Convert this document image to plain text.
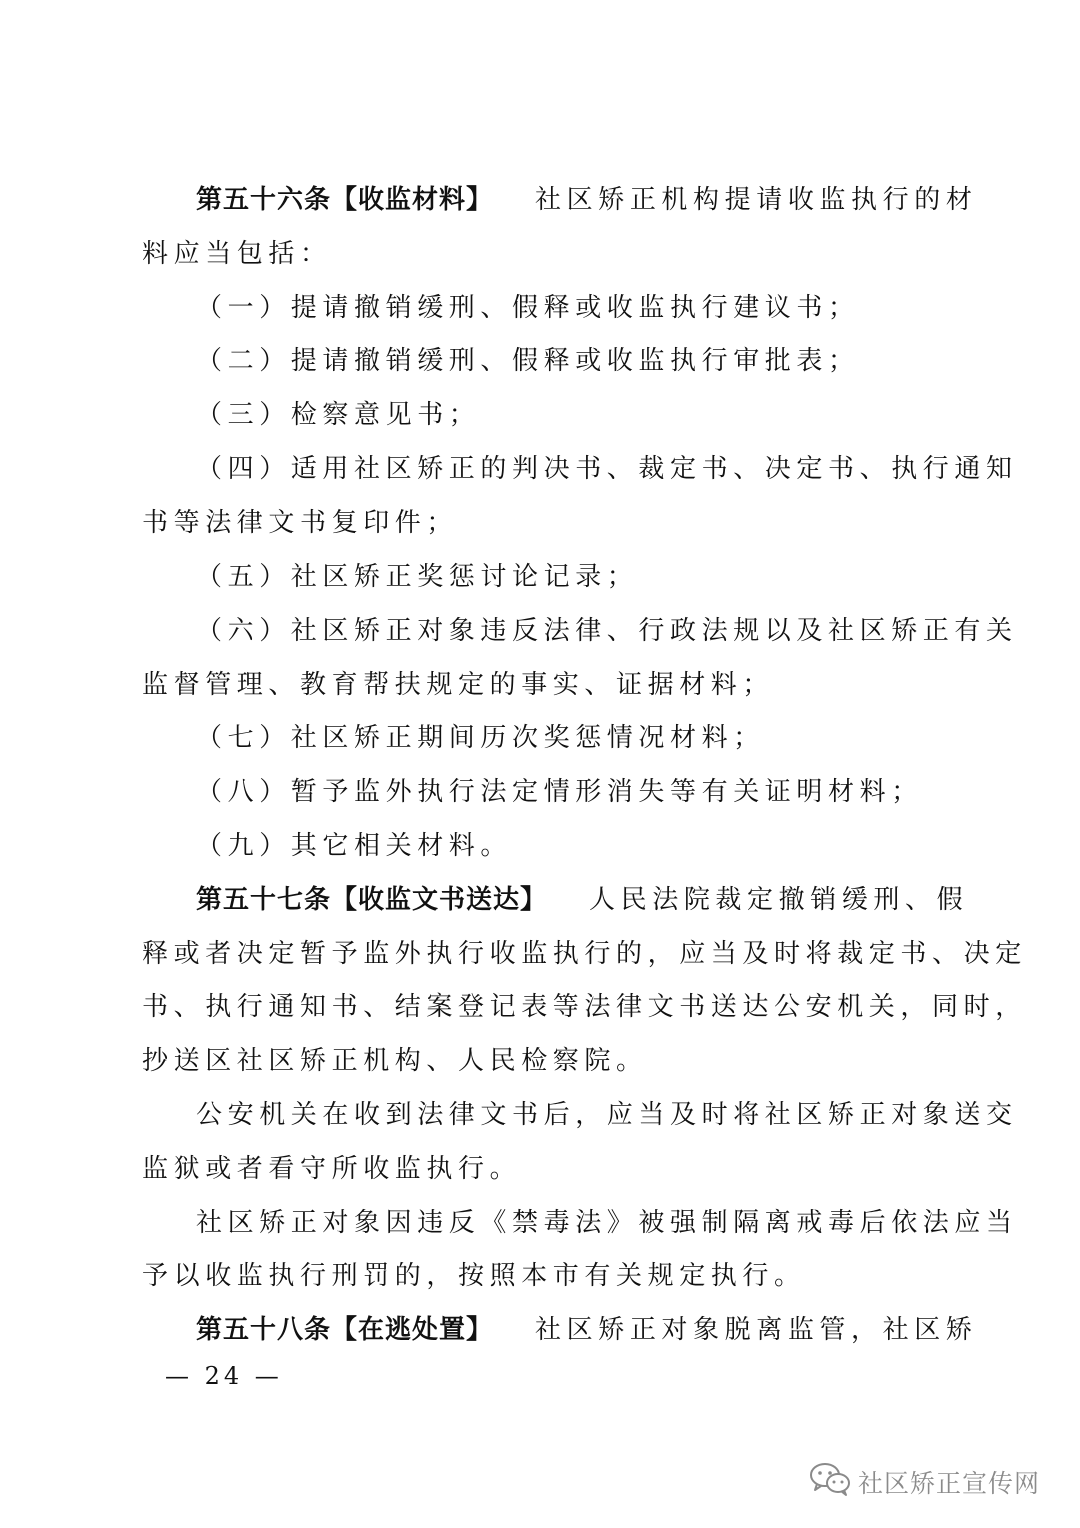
第五十六条【收监材料】 社区矫正机构提请收监执行的材
料应当包括：
（一）提请撤销缓刑、假释或收监执行建议书；
（二）提请撤销缓刑、假释或收监执行审批表；
（三）检察意见书；
（四）适用社区矫正的判决书、裁定书、决定书、执行通知
书等法律文书复印件；
（五）社区矫正奖惩讨论记录；
（六）社区矫正对象违反法律、行政法规以及社区矫正有关
监督管理、教育帮扶规定的事实、证据材料；
（七）社区矫正期间历次奖惩情况材料；
（八）暂予监外执行法定情形消失等有关证明材料；
（九）其它相关材料。
第五十七条【收监文书送达】 人民法院裁定撤销缓刑、假
释或者决定暂予监外执行收监执行的，应当及时将裁定书、决定
书、执行通知书、结案登记表等法律文书送达公安机关，同时，
抄送区社区矫正机构、人民检察院。
公安机关在收到法律文书后，应当及时将社区矫正对象送交
监狱或者看守所收监执行。
社区矫正对象因违反《禁毒法》被强制隔离戒毒后依法应当
予以收监执行刑罚的，按照本市有关规定执行。
第五十八条【在逃处置】 社区矫正对象脱离监管，社区矫
— 24 —
社区矫正宣传网
